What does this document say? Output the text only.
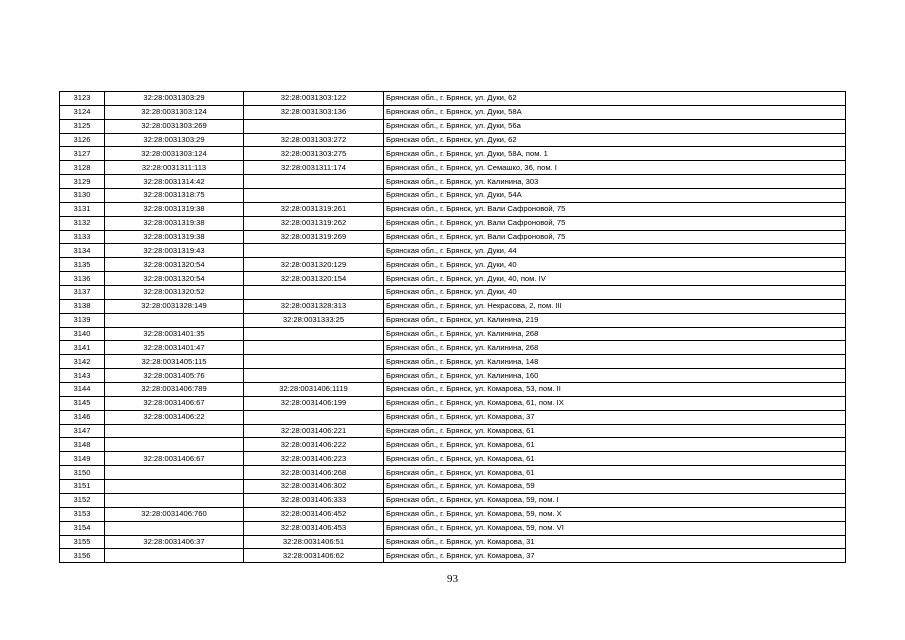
3123	32:28:0031303:29	32:28:0031303:122	Брянская обл., г. Брянск, ул. Дуки, 62
3124	32:28:0031303:124	32:28:0031303:136	Брянская обл., г. Брянск, ул. Дуки, 58А
3125	32:28:0031303:269		Брянская обл., г. Брянск, ул. Дуки, 56а
3126	32:28:0031303:29	32:28:0031303:272	Брянская обл., г. Брянск, ул. Дуки, 62
3127	32:28:0031303:124	32:28:0031303:275	Брянская обл., г. Брянск, ул. Дуки, 58А, пом. 1
3128	32:28:0031311:113	32:28:0031311:174	Брянская обл., г. Брянск, ул. Семашко, 36, пом. I
3129	32:28:0031314:42		Брянская обл., г. Брянск, ул. Калинина, 303
3130	32:28:0031318:75		Брянская обл., г. Брянск, ул. Дуки, 54А
3131	32:28:0031319:38	32:28:0031319:261	Брянская обл., г. Брянск, ул. Вали Сафроновой, 75
3132	32:28:0031319:38	32:28:0031319:262	Брянская обл., г. Брянск, ул. Вали Сафроновой, 75
3133	32:28:0031319:38	32:28:0031319:269	Брянская обл., г. Брянск, ул. Вали Сафроновой, 75
3134	32:28:0031319:43		Брянская обл., г. Брянск, ул. Дуки, 44
3135	32:28:0031320:54	32:28:0031320:129	Брянская обл., г. Брянск, ул. Дуки, 40
3136	32:28:0031320:54	32:28:0031320:154	Брянская обл., г. Брянск, ул. Дуки, 40, пом. IV
3137	32:28:0031320:52		Брянская обл., г. Брянск, ул. Дуки, 40
3138	32:28:0031328:149	32:28:0031328:313	Брянская обл., г. Брянск, ул. Некрасова, 2, пом. III
3139		32:28:0031333:25	Брянская обл., г. Брянск, ул. Калинина, 219
3140	32:28:0031401:35		Брянская обл., г. Брянск, ул. Калинина, 268
3141	32:28:0031401:47		Брянская обл., г. Брянск, ул. Калинина, 268
3142	32:28:0031405:115		Брянская обл., г. Брянск, ул. Калинина, 148
3143	32:28:0031405:76		Брянская обл., г. Брянск, ул. Калинина, 160
3144	32:28:0031406:789	32:28:0031406:1119	Брянская обл., г. Брянск, ул. Комарова, 53, пом. II
3145	32:28:0031406:67	32:28:0031406:199	Брянская обл., г. Брянск, ул. Комарова, 61, пом. IX
3146	32:28:0031406:22		Брянская обл., г. Брянск, ул. Комарова, 37
3147		32:28:0031406:221	Брянская обл., г. Брянск, ул. Комарова, 61
3148		32:28:0031406:222	Брянская обл., г. Брянск, ул. Комарова, 61
3149	32:28:0031406:67	32:28:0031406:223	Брянская обл., г. Брянск, ул. Комарова, 61
3150		32:28:0031406:268	Брянская обл., г. Брянск, ул. Комарова, 61
3151		32:28:0031406:302	Брянская обл., г. Брянск, ул. Комарова, 59
3152		32:28:0031406:333	Брянская обл., г. Брянск, ул. Комарова, 59, пом. I
3153	32:28:0031406:760	32:28:0031406:452	Брянская обл., г. Брянск, ул. Комарова, 59, пом. X
3154		32:28:0031406:453	Брянская обл., г. Брянск, ул. Комарова, 59, пом. VI
3155	32:28:0031406:37	32:28:0031406:51	Брянская обл., г. Брянск, ул. Комарова, 31
3156		32:28:0031406:62	Брянская обл., г. Брянск, ул. Комарова, 37
93
